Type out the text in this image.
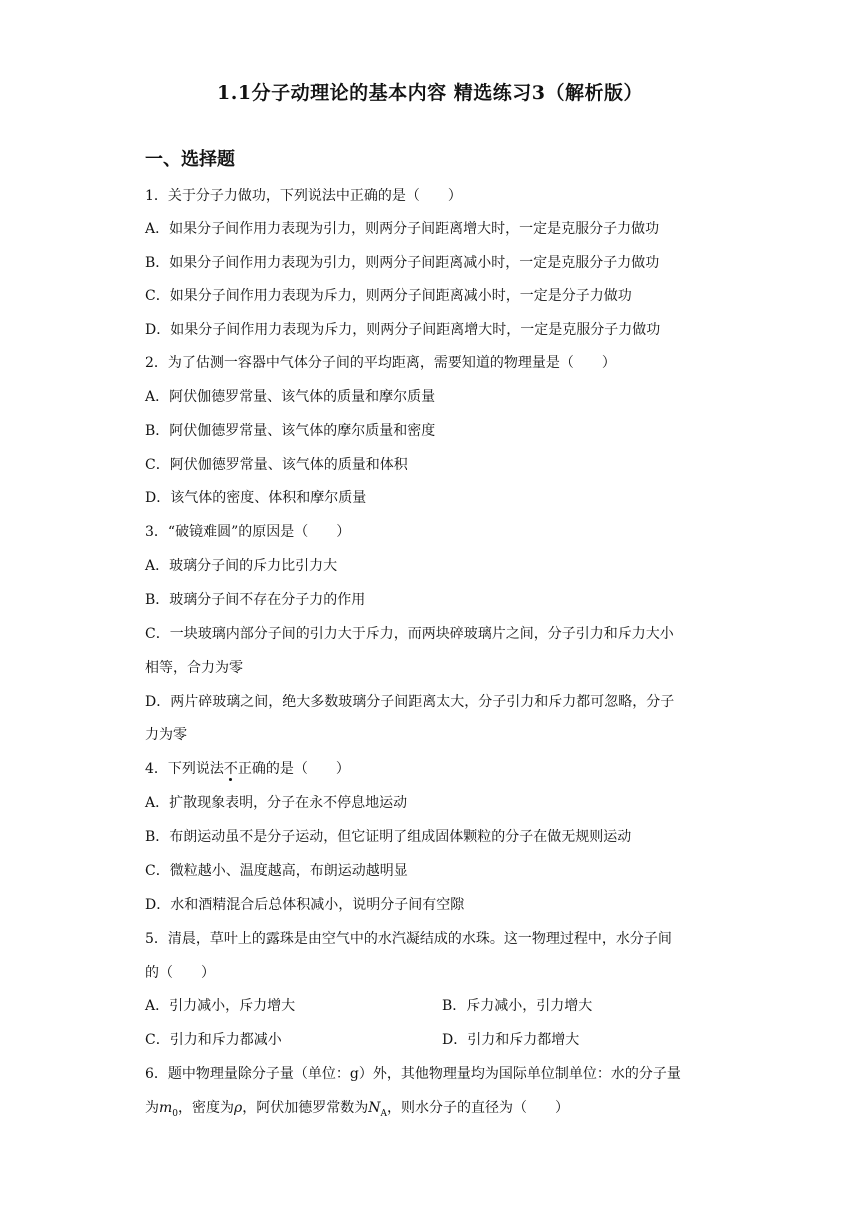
1.1分子动理论的基本内容 精选练习3（解析版）
一、选择题
1．关于分子力做功，下列说法中正确的是（　　）
A．如果分子间作用力表现为引力，则两分子间距离增大时，一定是克服分子力做功
B．如果分子间作用力表现为引力，则两分子间距离减小时，一定是克服分子力做功
C．如果分子间作用力表现为斥力，则两分子间距离减小时，一定是分子力做功
D．如果分子间作用力表现为斥力，则两分子间距离增大时，一定是克服分子力做功
2．为了估测一容器中气体分子间的平均距离，需要知道的物理量是（　　）
A．阿伏伽德罗常量、该气体的质量和摩尔质量
B．阿伏伽德罗常量、该气体的摩尔质量和密度
C．阿伏伽德罗常量、该气体的质量和体积
D．该气体的密度、体积和摩尔质量
3．“破镜难圆”的原因是（　　）
A．玻璃分子间的斥力比引力大
B．玻璃分子间不存在分子力的作用
C．一块玻璃内部分子间的引力大于斥力，而两块碎玻璃片之间，分子引力和斥力大小
相等，合力为零
D．两片碎玻璃之间，绝大多数玻璃分子间距离太大，分子引力和斥力都可忽略，分子
力为零
4．下列说法不正确的是（　　）
A．扩散现象表明，分子在永不停息地运动
B．布朗运动虽不是分子运动，但它证明了组成固体颗粒的分子在做无规则运动
C．微粒越小、温度越高，布朗运动越明显
D．水和酒精混合后总体积减小，说明分子间有空隙
5．清晨，草叶上的露珠是由空气中的水汽凝结成的水珠。这一物理过程中，水分子间
的（　　）
A．引力减小，斥力增大	B．斥力减小，引力增大
C．引力和斥力都减小	D．引力和斥力都增大
6．题中物理量除分子量（单位：g）外，其他物理量均为国际单位制单位：水的分子量
为$m_0$，密度为ρ，阿伏加德罗常数为$N_A$，则水分子的直径为（　　）
